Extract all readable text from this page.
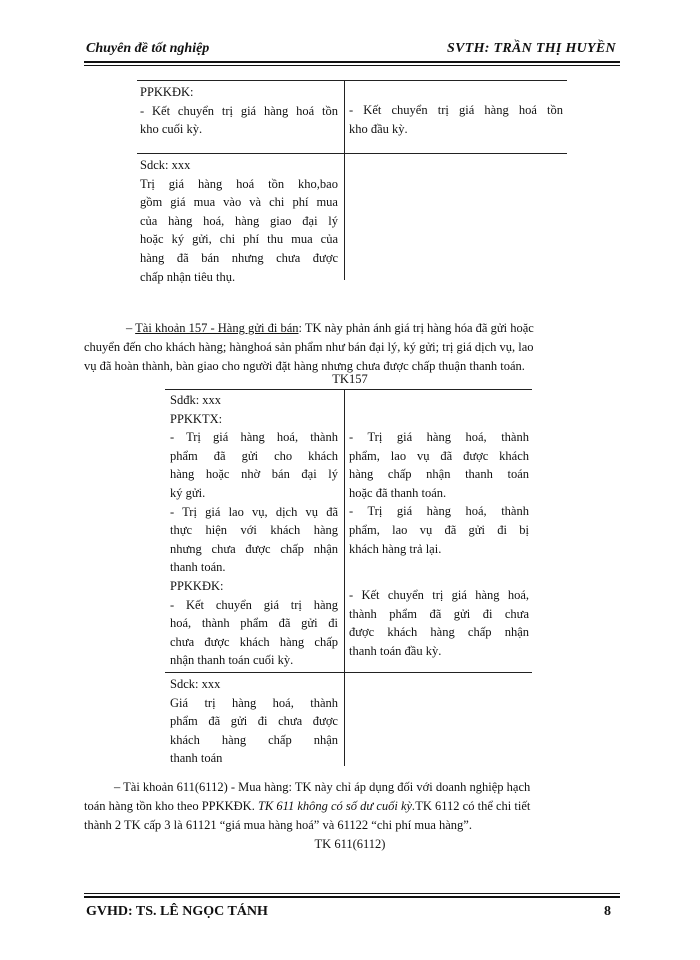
Chuyên đề tốt nghiệp	SVTH: TRẦN THỊ HUYỀN
PPKKĐK:
- Kết chuyển trị giá hàng hoá tồn
kho cuối kỳ.
- Kết chuyển trị giá hàng hoá tồn
kho đầu kỳ.
Sdck: xxx
Trị giá hàng hoá tồn kho,bao
gồm giá mua vào và chi phí mua
của hàng hoá, hàng giao đại lý
hoặc ký gửi, chi phí thu mua của
hàng đã bán nhưng chưa được
chấp nhận tiêu thụ.
– Tài khoản 157 - Hàng gửi đi bán: TK này phản ánh giá trị hàng hóa đã gửi hoặc
chuyển đến cho khách hàng; hànghoá sản phẩm như bán đại lý, ký gửi; trị giá dịch vụ, lao
vụ đã hoàn thành, bàn giao cho người đặt hàng nhưng chưa được chấp thuận thanh toán.
TK157
Sdđk: xxx
PPKKTX:
- Trị giá hàng hoá, thành
phẩm đã gửi cho khách
hàng hoặc nhờ bán đại lý
ký gửi.
- Trị giá lao vụ, dịch vụ đã
thực hiện với khách hàng
nhưng chưa được chấp nhận
thanh toán.
PPKKĐK:
- Kết chuyển giá trị hàng
hoá, thành phẩm đã gửi đi
chưa được khách hàng chấp
nhận thanh toán cuối kỳ.
- Trị giá hàng hoá, thành
phẩm, lao vụ đã được khách
hàng chấp nhận thanh toán
hoặc đã thanh toán.
- Trị giá hàng hoá, thành
phẩm, lao vụ đã gửi đi bị
khách hàng trả lại.
- Kết chuyển trị giá hàng hoá,
thành phẩm đã gửi đi chưa
được khách hàng chấp nhận
thanh toán đầu kỳ.
Sdck: xxx
Giá trị hàng hoá, thành
phẩm đã gửi đi chưa được
khách hàng chấp nhận
thanh toán
– Tài khoản 611(6112) - Mua hàng: TK này chỉ áp dụng đối với doanh nghiệp hạch
toán hàng tồn kho theo PPKKĐK. TK 611 không có số dư cuối kỳ.TK 6112 có thể chi tiết
thành 2 TK cấp 3 là 61121 “giá mua hàng hoá” và 61122 “chi phí mua hàng”.
TK 611(6112)
GVHD: TS. LÊ NGỌC TÁNH	8
